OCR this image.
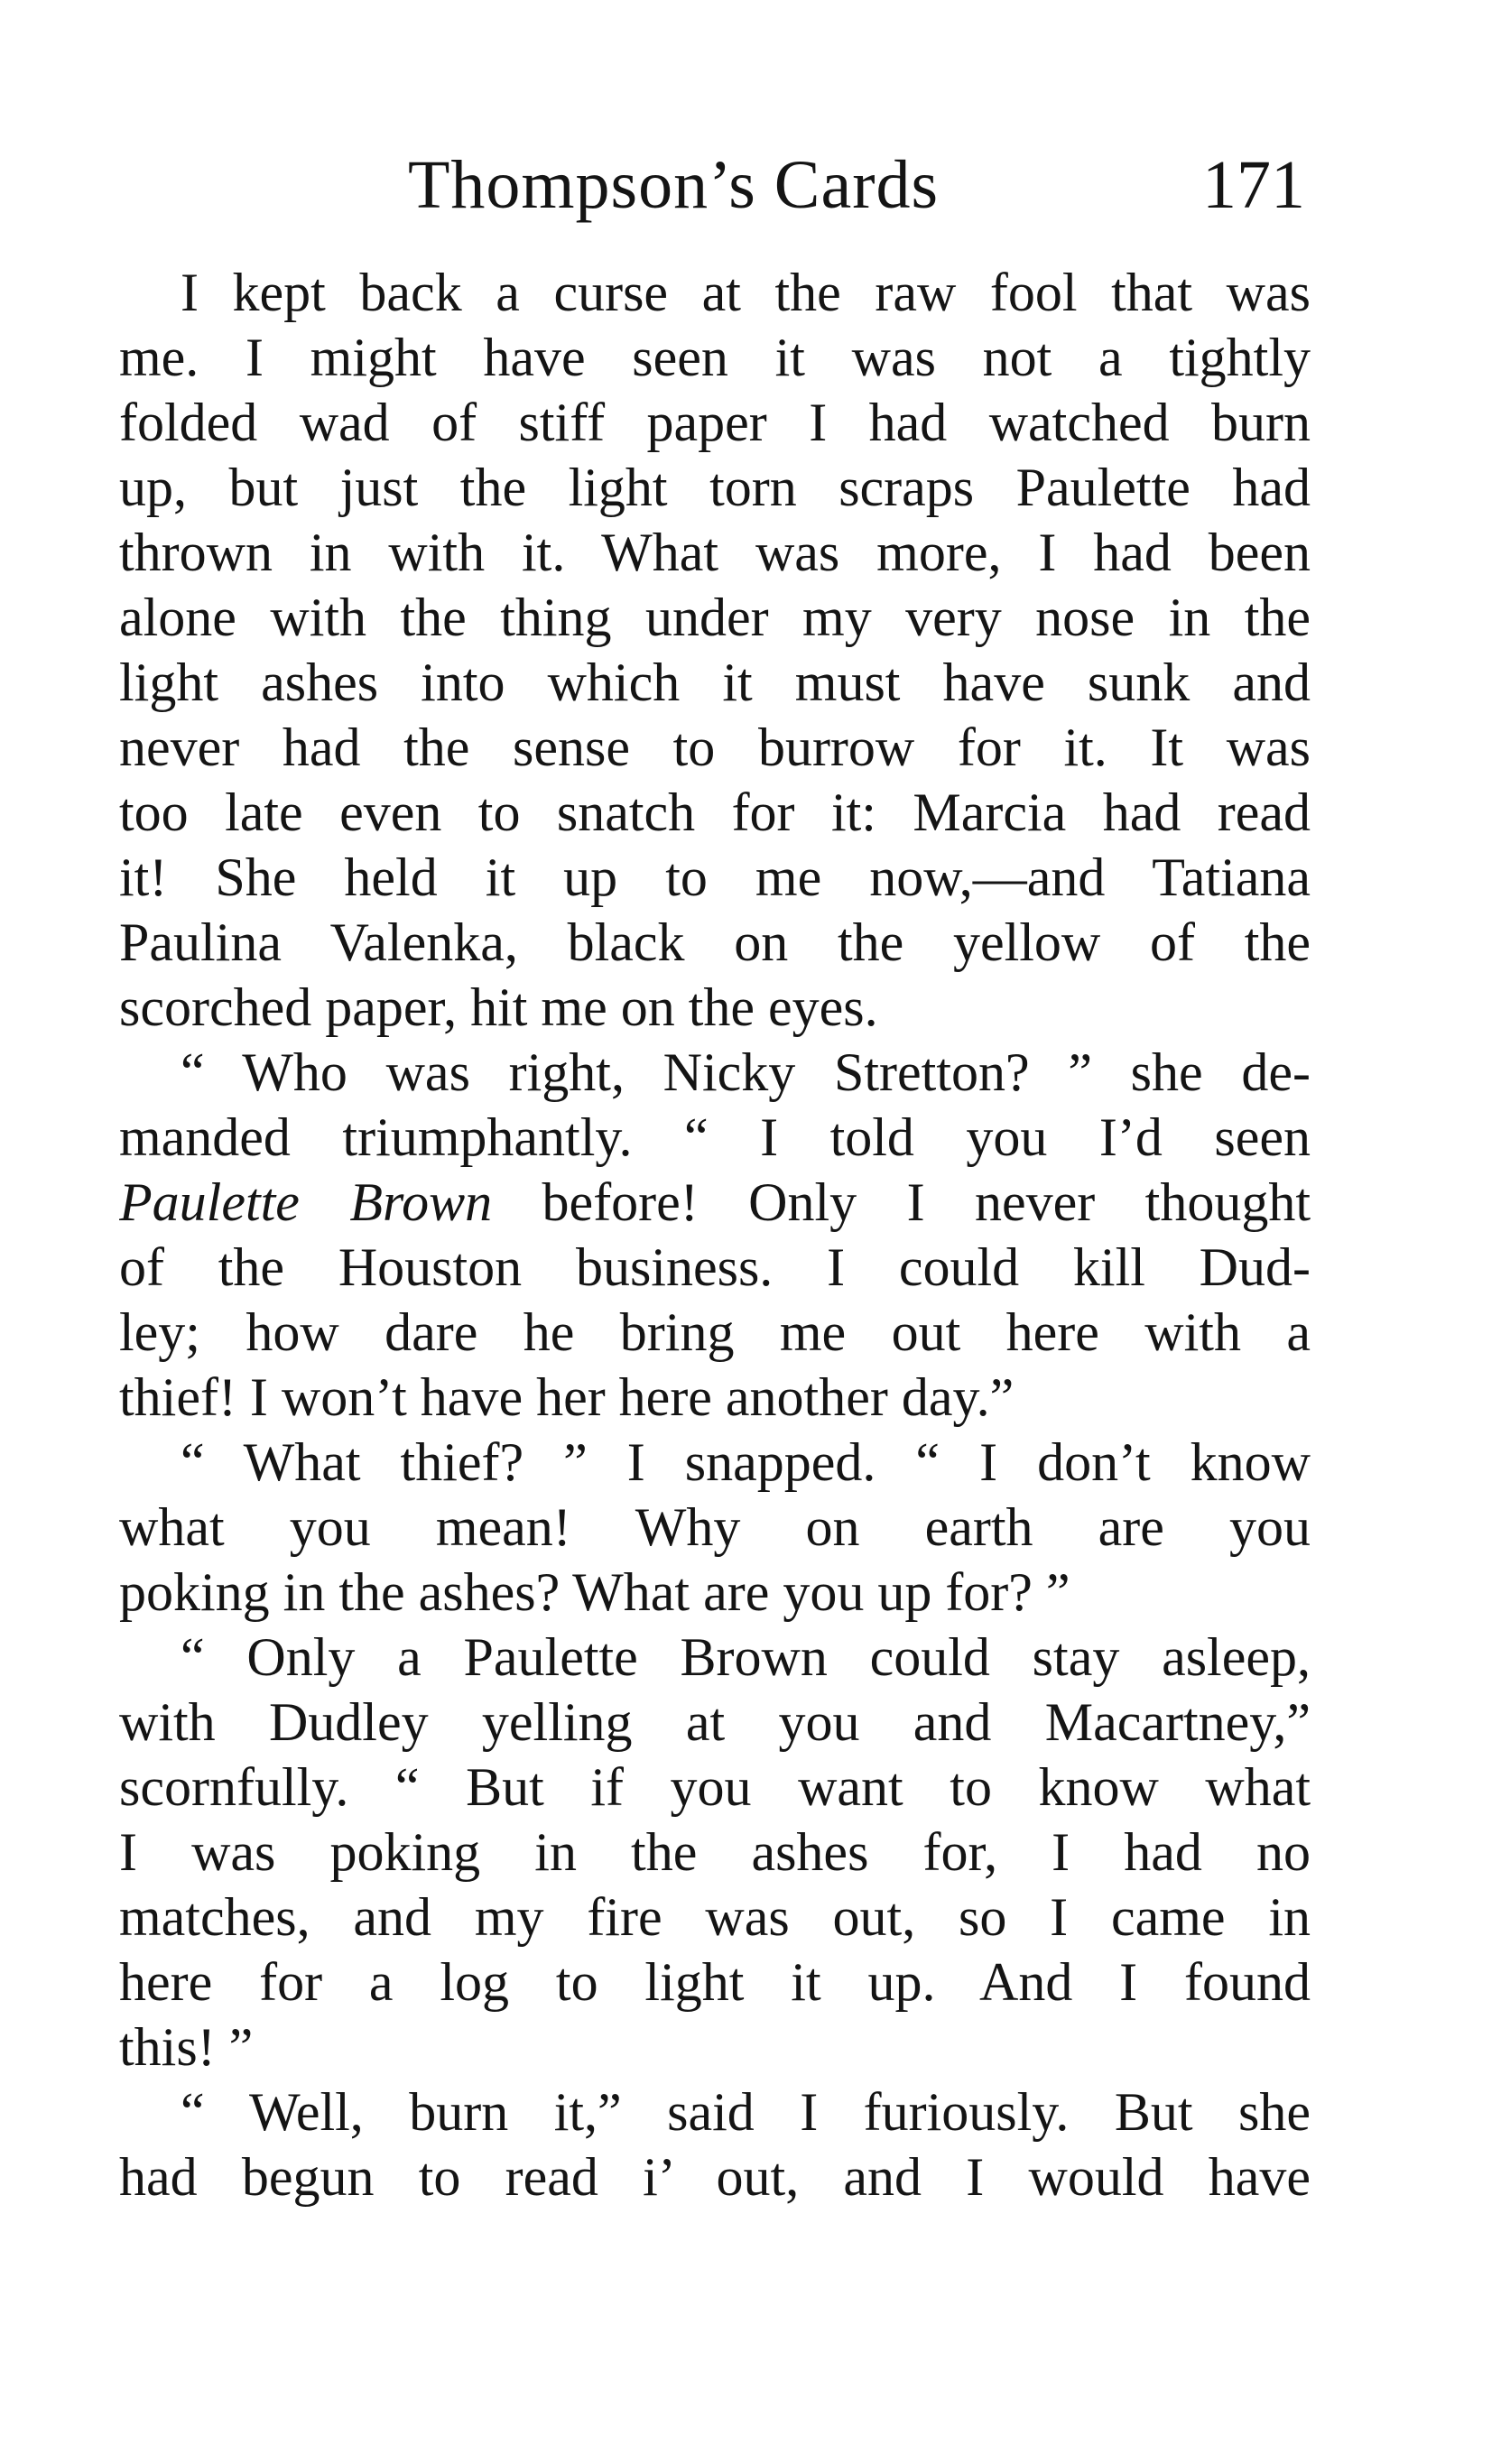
Thompson’s Cards	171
I kept back a curse at the raw fool that was
me. I might have seen it was not a tightly
folded wad of stiff paper I had watched burn
up, but just the light torn scraps Paulette had
thrown in with it. What was more, I had been
alone with the thing under my very nose in the
light ashes into which it must have sunk and
never had the sense to burrow for it. It was
too late even to snatch for it: Marcia had read
it! She held it up to me now,—and Tatiana
Paulina Valenka, black on the yellow of the
scorched paper, hit me on the eyes.
“ Who was right, Nicky Stretton? ” she de-
manded triumphantly. “ I told you I’d seen
Paulette Brown before! Only I never thought
of the Houston business. I could kill Dud-
ley; how dare he bring me out here with a
thief! I won’t have her here another day.”
“ What thief? ” I snapped. “ I don’t know
what you mean! Why on earth are you
poking in the ashes? What are you up for? ”
“ Only a Paulette Brown could stay asleep,
with Dudley yelling at you and Macartney,”
scornfully. “ But if you want to know what
I was poking in the ashes for, I had no
matches, and my fire was out, so I came in
here for a log to light it up. And I found
this! ”
“ Well, burn it,” said I furiously. But she
had begun to read i’ out, and I would have
